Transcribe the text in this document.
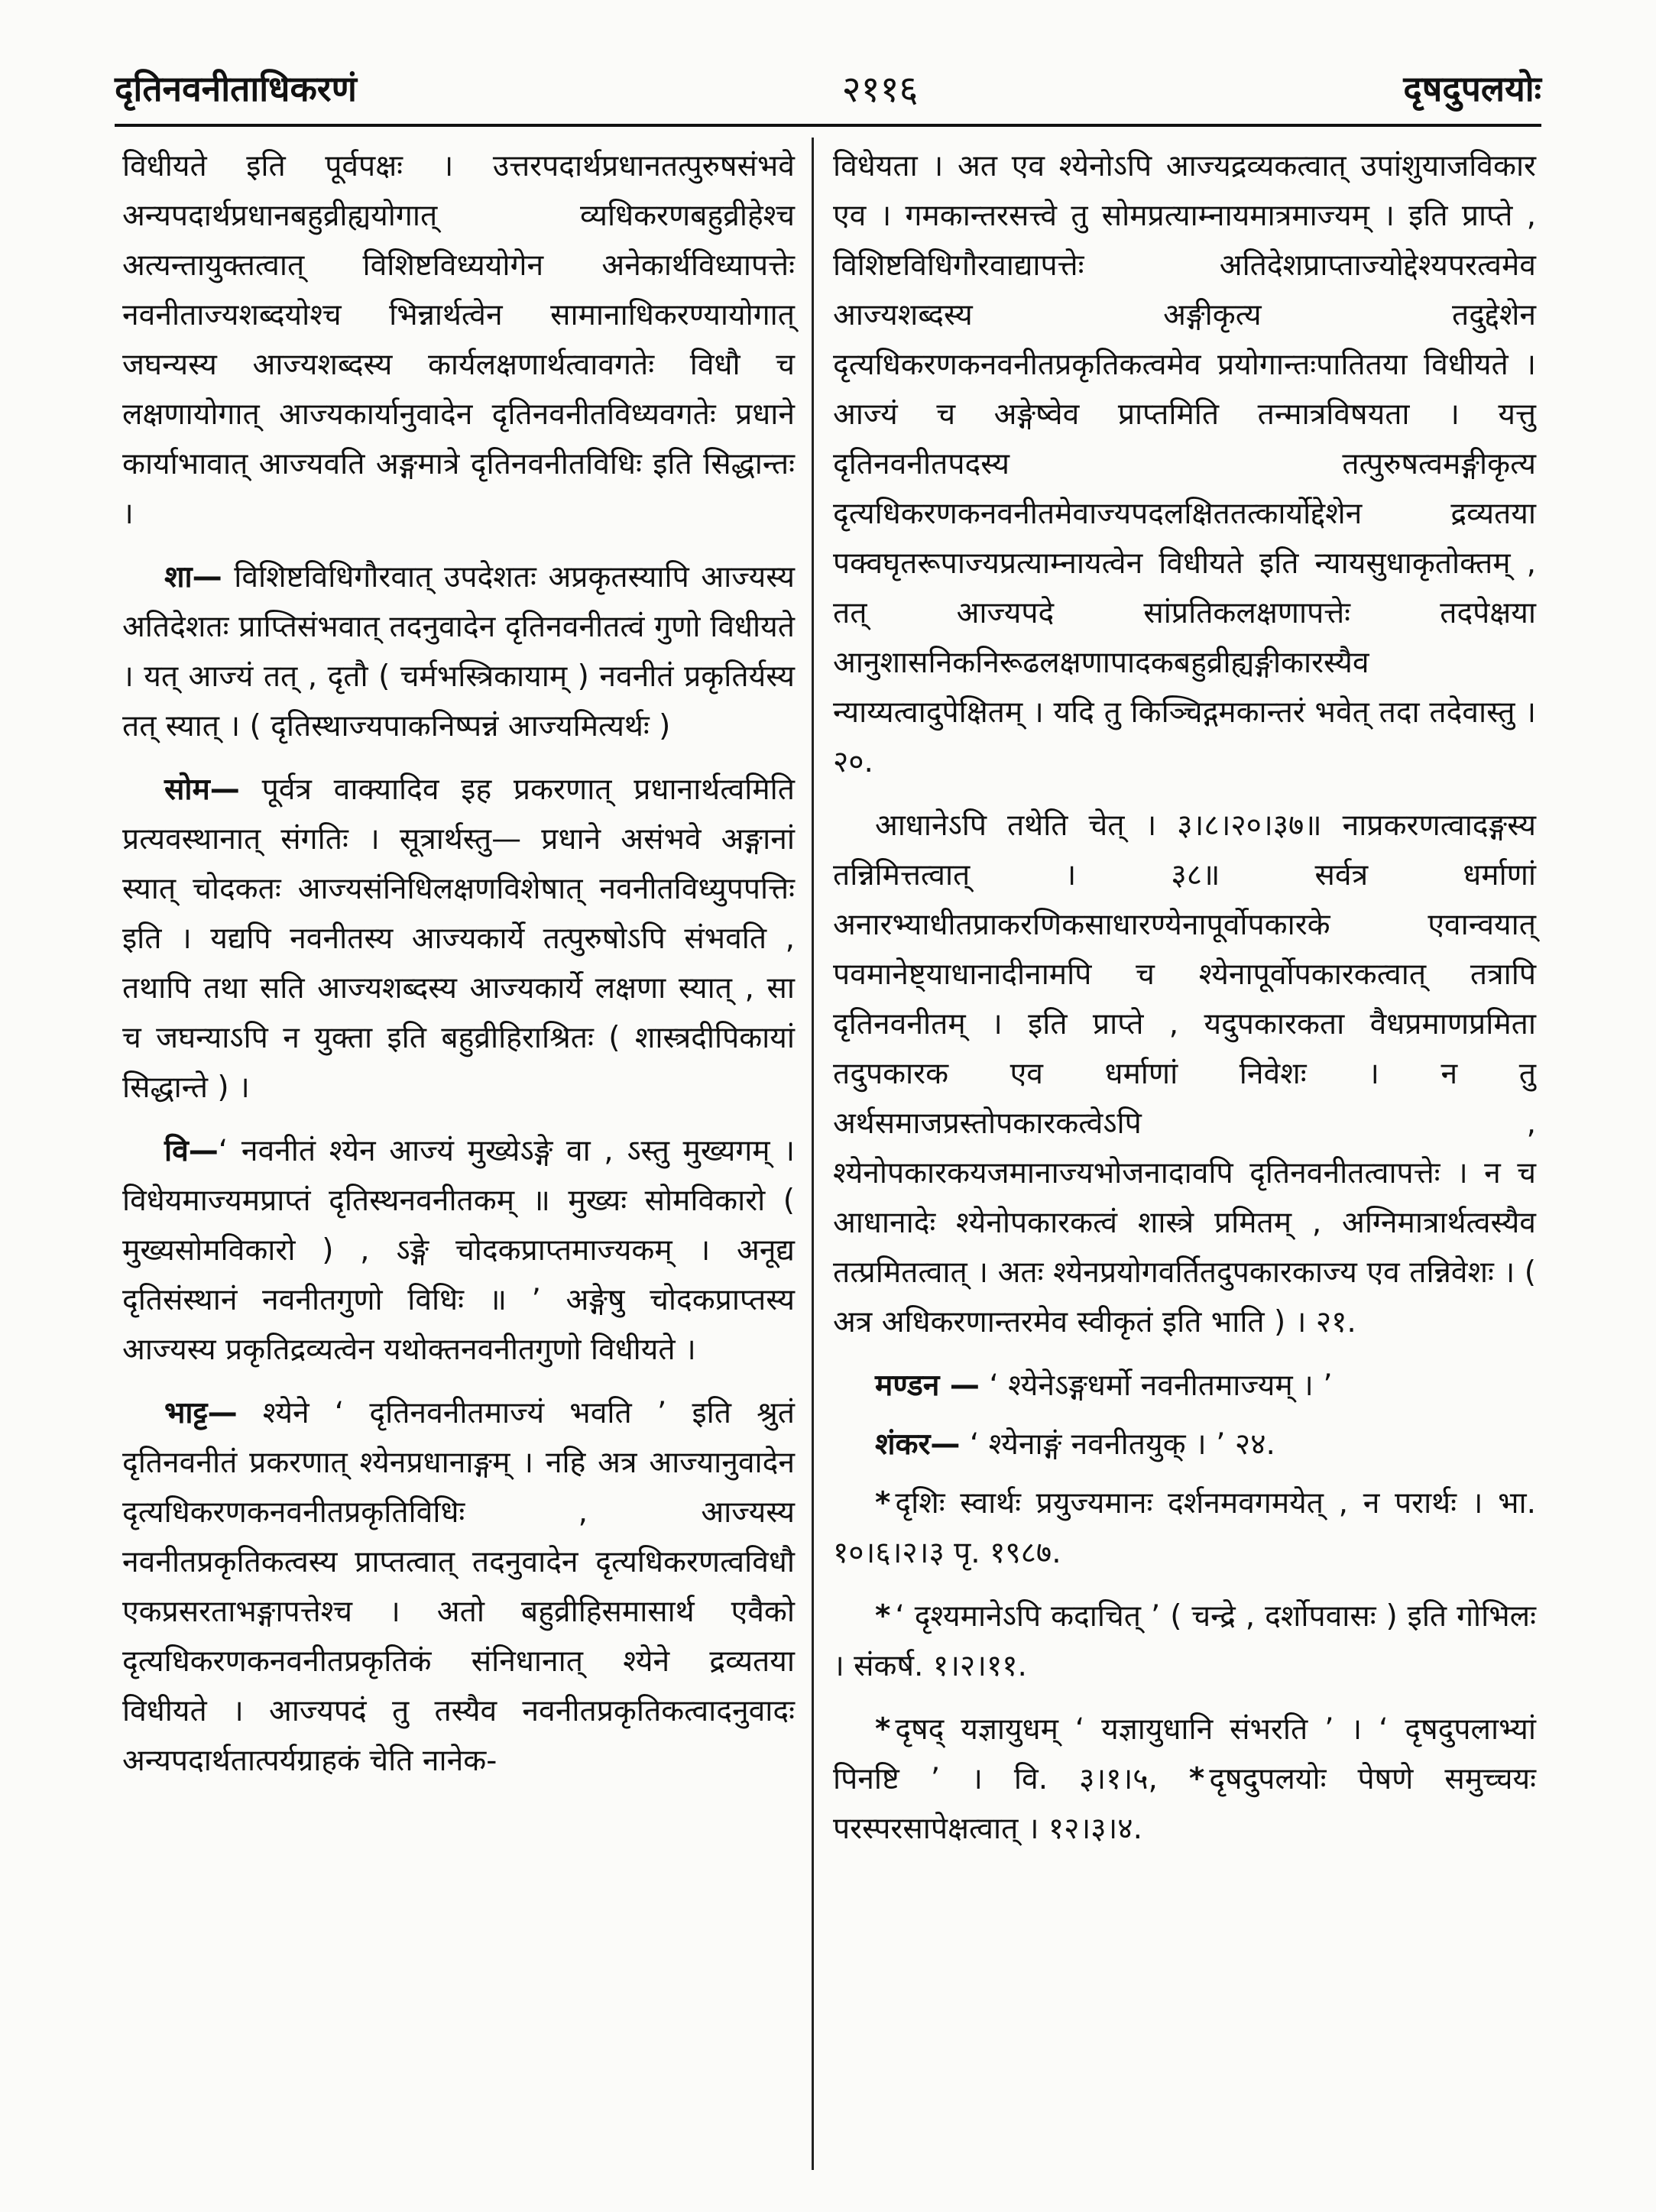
दृतिनवनीताधिकरणं	२११६	दृषदुपलयोः

विधीयते इति पूर्वपक्षः । उत्तरपदार्थप्रधानतत्पुरुषसंभवे अन्यपदार्थप्रधानबहुव्रीह्ययोगात् व्यधिकरणबहुव्रीहेश्च अत्यन्तायुक्तत्वात् विशिष्टविध्ययोगेन अनेकार्थविध्यापत्तेः नवनीताज्यशब्दयोश्च भिन्नार्थत्वेन सामानाधिकरण्यायोगात् जघन्यस्य आज्यशब्दस्य कार्यलक्षणार्थत्वावगतेः विधौ च लक्षणायोगात् आज्यकार्यानुवादेन दृतिनवनीतविध्यवगतेः प्रधाने कार्याभावात् आज्यवति अङ्गमात्रे दृतिनवनीतविधिः इति सिद्धान्तः ।

शा— विशिष्टविधिगौरवात् उपदेशतः अप्रकृतस्यापि आज्यस्य अतिदेशतः प्राप्तिसंभवात् तदनुवादेन दृतिनवनीतत्वं गुणो विधीयते । यत् आज्यं तत् , दृतौ ( चर्मभस्त्रिकायाम् ) नवनीतं प्रकृतिर्यस्य तत् स्यात् । ( दृतिस्थाज्यपाकनिष्पन्नं आज्यमित्यर्थः )

सोम— पूर्वत्र वाक्यादिव इह प्रकरणात् प्रधानार्थत्वमिति प्रत्यवस्थानात् संगतिः । सूत्रार्थस्तु— प्रधाने असंभवे अङ्गानां स्यात् चोदकतः आज्यसंनिधिलक्षणविशेषात् नवनीतविध्युपपत्तिः इति । यद्यपि नवनीतस्य आज्यकार्ये तत्पुरुषोऽपि संभवति , तथापि तथा सति आज्यशब्दस्य आज्यकार्ये लक्षणा स्यात् , सा च जघन्याऽपि न युक्ता इति बहुव्रीहिराश्रितः ( शास्त्रदीपिकायां सिद्धान्ते ) ।

वि—‘ नवनीतं श्येन आज्यं मुख्येऽङ्गे वा , ऽस्तु मुख्यगम् । विधेयमाज्यमप्राप्तं दृतिस्थनवनीतकम् ॥ मुख्यः सोमविकारो ( मुख्यसोमविकारो ) , ऽङ्गे चोदकप्राप्तमाज्यकम् । अनूद्य दृतिसंस्थानं नवनीतगुणो विधिः ॥ ’ अङ्गेषु चोदकप्राप्तस्य आज्यस्य प्रकृतिद्रव्यत्वेन यथोक्तनवनीतगुणो विधीयते ।

भाट्ट— श्येने ‘ दृतिनवनीतमाज्यं भवति ’ इति श्रुतं दृतिनवनीतं प्रकरणात् श्येनप्रधानाङ्गम् । नहि अत्र आज्यानुवादेन दृत्यधिकरणकनवनीतप्रकृतिविधिः , आज्यस्य नवनीतप्रकृतिकत्वस्य प्राप्तत्वात् तदनुवादेन दृत्यधिकरणत्वविधौ एकप्रसरताभङ्गापत्तेश्च । अतो बहुव्रीहिसमासार्थ एवैको दृत्यधिकरणकनवनीतप्रकृतिकं संनिधानात् श्येने द्रव्यतया विधीयते । आज्यपदं तु तस्यैव नवनीतप्रकृतिकत्वादनुवादः अन्यपदार्थतात्पर्यग्राहकं चेति नानेक-

विधेयता । अत एव श्येनोऽपि आज्यद्रव्यकत्वात् उपांशुयाजविकार एव । गमकान्तरसत्त्वे तु सोमप्रत्याम्नायमात्रमाज्यम् । इति प्राप्ते , विशिष्टविधिगौरवाद्यापत्तेः अतिदेशप्राप्ताज्योद्देश्यपरत्वमेव आज्यशब्दस्य अङ्गीकृत्य तदुद्देशेन दृत्यधिकरणकनवनीतप्रकृतिकत्वमेव प्रयोगान्तःपातितया विधीयते । आज्यं च अङ्गेष्वेव प्राप्तमिति तन्मात्रविषयता । यत्तु दृतिनवनीतपदस्य तत्पुरुषत्वमङ्गीकृत्य दृत्यधिकरणकनवनीतमेवाज्यपदलक्षिततत्कार्योद्देशेन द्रव्यतया पक्वघृतरूपाज्यप्रत्याम्नायत्वेन विधीयते इति न्यायसुधाकृतोक्तम् , तत् आज्यपदे सांप्रतिकलक्षणापत्तेः तदपेक्षया आनुशासनिकनिरूढलक्षणापादकबहुव्रीह्यङ्गीकारस्यैव न्याय्यत्वादुपेक्षितम् । यदि तु किञ्चिद्गमकान्तरं भवेत् तदा तदेवास्तु । २०.

आधानेऽपि तथेति चेत् । ३।८।२०।३७॥ नाप्रकरणत्वादङ्गस्य तन्निमित्तत्वात् । ३८॥ सर्वत्र धर्माणां अनारभ्याधीतप्राकरणिकसाधारण्येनापूर्वोपकारके एवान्वयात् पवमानेष्ट्याधानादीनामपि च श्येनापूर्वोपकारकत्वात् तत्रापि दृतिनवनीतम् । इति प्राप्ते , यदुपकारकता वैधप्रमाणप्रमिता तदुपकारक एव धर्माणां निवेशः । न तु अर्थसमाजप्रस्तोपकारकत्वेऽपि , श्येनोपकारकयजमानाज्यभोजनादावपि दृतिनवनीतत्वापत्तेः । न च आधानादेः श्येनोपकारकत्वं शास्त्रे प्रमितम् , अग्निमात्रार्थत्वस्यैव तत्प्रमितत्वात् । अतः श्येनप्रयोगवर्तितदुपकारकाज्य एव तन्निवेशः । ( अत्र अधिकरणान्तरमेव स्वीकृतं इति भाति ) । २१.

मण्डन — ‘ श्येनेऽङ्गधर्मो नवनीतमाज्यम् । ’

शंकर— ‘ श्येनाङ्गं नवनीतयुक् । ’ २४.

* दृशिः स्वार्थः प्रयुज्यमानः दर्शनमवगमयेत् , न परार्थः । भा. १०।६।२।३ पृ. १९८७.

* ‘ दृश्यमानेऽपि कदाचित् ’ ( चन्द्रे , दर्शोपवासः ) इति गोभिलः । संकर्ष. १।२।११.

* दृषद् यज्ञायुधम् ‘ यज्ञायुधानि संभरति ’ । ‘ दृषदुपलाभ्यां पिनष्टि ’ । वि. ३।१।५, * दृषदुपलयोः पेषणे समुच्चयः परस्परसापेक्षत्वात् । १२।३।४.
